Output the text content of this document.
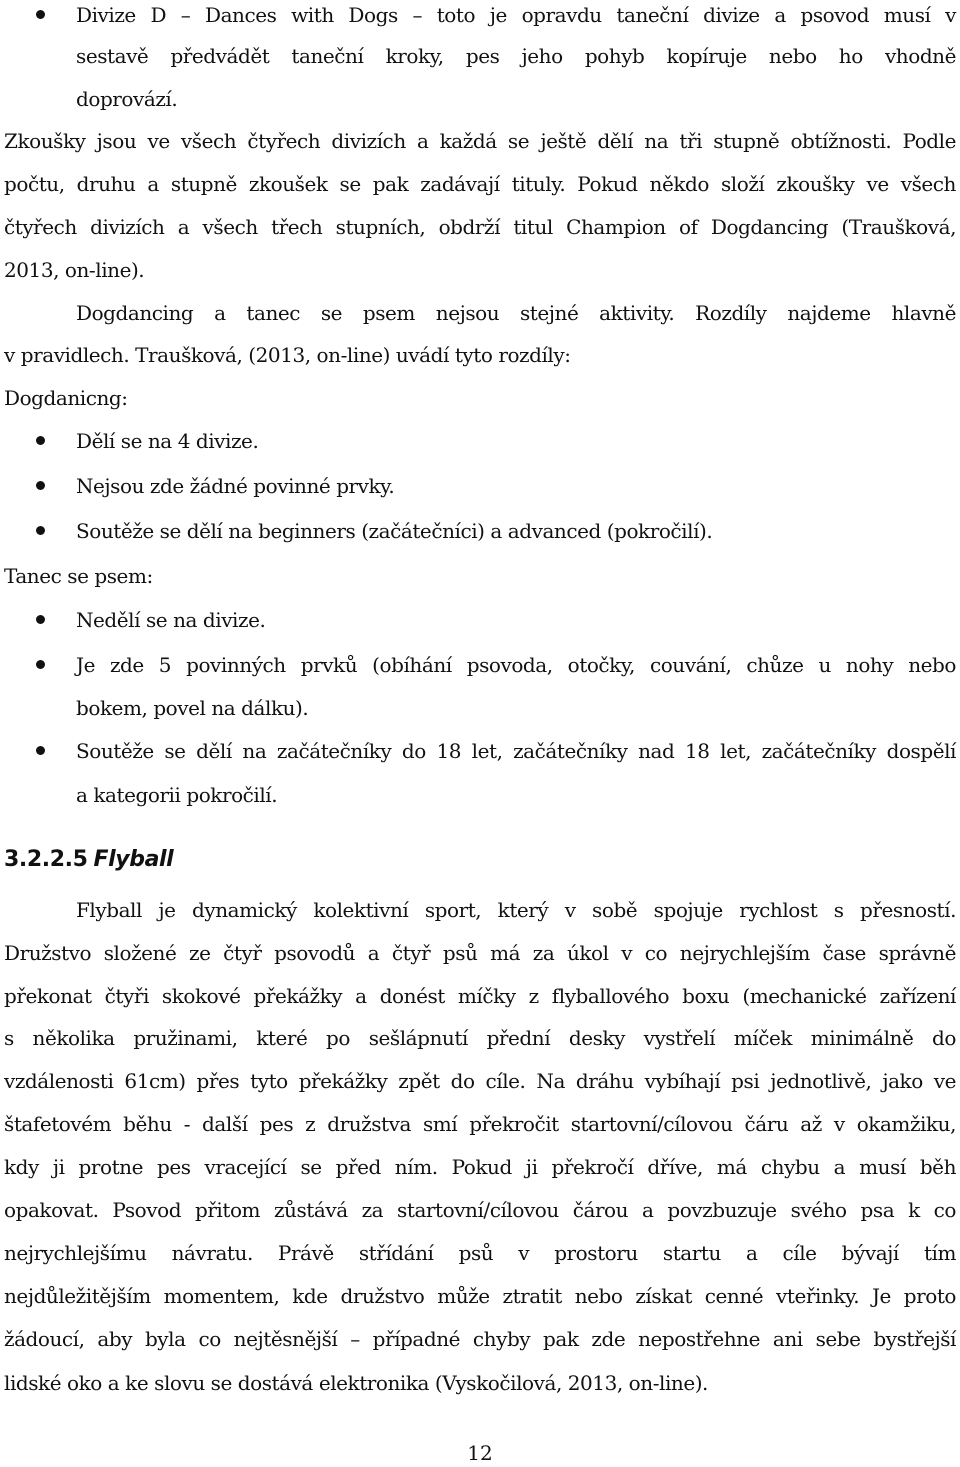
Divize D – Dances with Dogs – toto je opravdu taneční divize a psovod musí v
sestavě předvádět taneční kroky, pes jeho pohyb kopíruje nebo ho vhodně
doprovází.
Zkoušky jsou ve všech čtyřech divizích a každá se ještě dělí na tři stupně obtížnosti. Podle
počtu, druhu a stupně zkoušek se pak zadávají tituly. Pokud někdo složí zkoušky ve všech
čtyřech divizích a všech třech stupních, obdrží titul Champion of Dogdancing (Traušková,
2013, on-line).
Dogdancing a tanec se psem nejsou stejné aktivity. Rozdíly najdeme hlavně
v pravidlech. Traušková, (2013, on-line) uvádí tyto rozdíly:
Dogdanicng:
Dělí se na 4 divize.
Nejsou zde žádné povinné prvky.
Soutěže se dělí na beginners (začátečníci) a advanced (pokročilí).
Tanec se psem:
Nedělí se na divize.
Je zde 5 povinných prvků (obíhání psovoda, otočky, couvání, chůze u nohy nebo
bokem, povel na dálku).
Soutěže se dělí na začátečníky do 18 let, začátečníky nad 18 let, začátečníky dospělí
a kategorii pokročilí.
3.2.2.5 Flyball
Flyball je dynamický kolektivní sport, který v sobě spojuje rychlost s přesností.
Družstvo složené ze čtyř psovodů a čtyř psů má za úkol v co nejrychlejším čase správně
překonat čtyři skokové překážky a donést míčky z flyballového boxu (mechanické zařízení
s několika pružinami, které po sešlápnutí přední desky vystřelí míček minimálně do
vzdálenosti 61cm) přes tyto překážky zpět do cíle. Na dráhu vybíhají psi jednotlivě, jako ve
štafetovém běhu - další pes z družstva smí překročit startovní/cílovou čáru až v okamžiku,
kdy ji protne pes vracející se před ním. Pokud ji překročí dříve, má chybu a musí běh
opakovat. Psovod přitom zůstává za startovní/cílovou čárou a povzbuzuje svého psa k co
nejrychlejšímu návratu. Právě střídání psů v prostoru startu a cíle bývají tím
nejdůležitějším momentem, kde družstvo může ztratit nebo získat cenné vteřinky. Je proto
žádoucí, aby byla co nejtěsnější – případné chyby pak zde nepostřehne ani sebe bystřejší
lidské oko a ke slovu se dostává elektronika (Vyskočilová, 2013, on-line).
12
